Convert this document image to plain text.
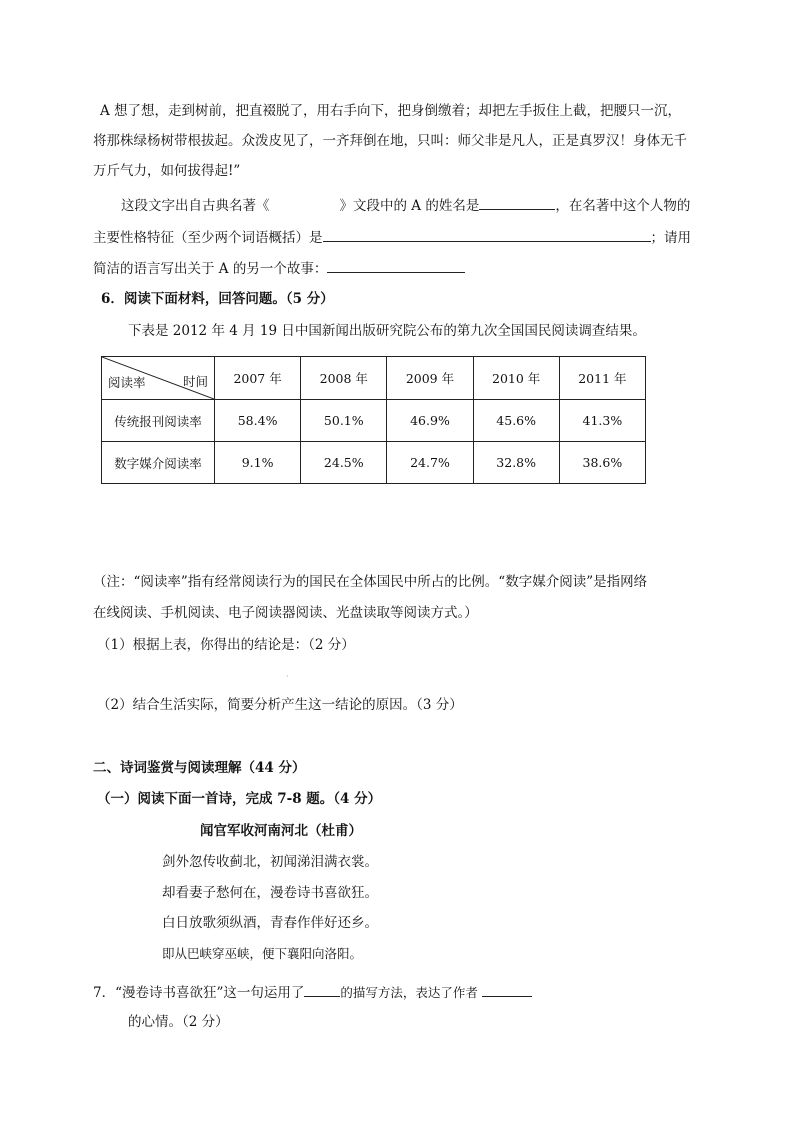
A 想了想，走到树前，把直裰脱了，用右手向下，把身倒缴着；却把左手扳住上截，把腰只一沉，
将那株绿杨树带根拔起。众泼皮见了，一齐拜倒在地，只叫：师父非是凡人，正是真罗汉！身体无千
万斤气力，如何拔得起!”
这段文字出自古典名著《	》文段中的 A 的姓名是	，在名著中这个人物的
主要性格特征（至少两个词语概括）是	；请用
简洁的语言写出关于 A 的另一个故事：
6．阅读下面材料，回答问题。（5 分）
下表是 2012 年 4 月 19 日中国新闻出版研究院公布的第九次全国国民阅读调查结果。
阅读率 时间	2007 年	2008 年	2009 年	2010 年	2011 年
传统报刊阅读率	58.4%	50.1%	46.9%	45.6%	41.3%
数字媒介阅读率	9.1%	24.5%	24.7%	32.8%	38.6%
（注：“阅读率”指有经常阅读行为的国民在全体国民中所占的比例。“数字媒介阅读”是指网络
在线阅读、手机阅读、电子阅读器阅读、光盘读取等阅读方式。）
（1）根据上表，你得出的结论是：（2 分）
·
（2）结合生活实际，简要分析产生这一结论的原因。（3 分）
二、诗词鉴赏与阅读理解（44 分）
（一）阅读下面一首诗，完成 7-8 题。（4 分）
闻官军收河南河北（杜甫）
剑外忽传收蓟北，初闻涕泪满衣裳。
却看妻子愁何在，漫卷诗书喜欲狂。
白日放歌须纵酒，青春作伴好还乡。
即从巴峡穿巫峡，便下襄阳向洛阳。
7．“漫卷诗书喜欲狂”这一句运用了	的描写方法，表达了作者
的心情。（2 分）
